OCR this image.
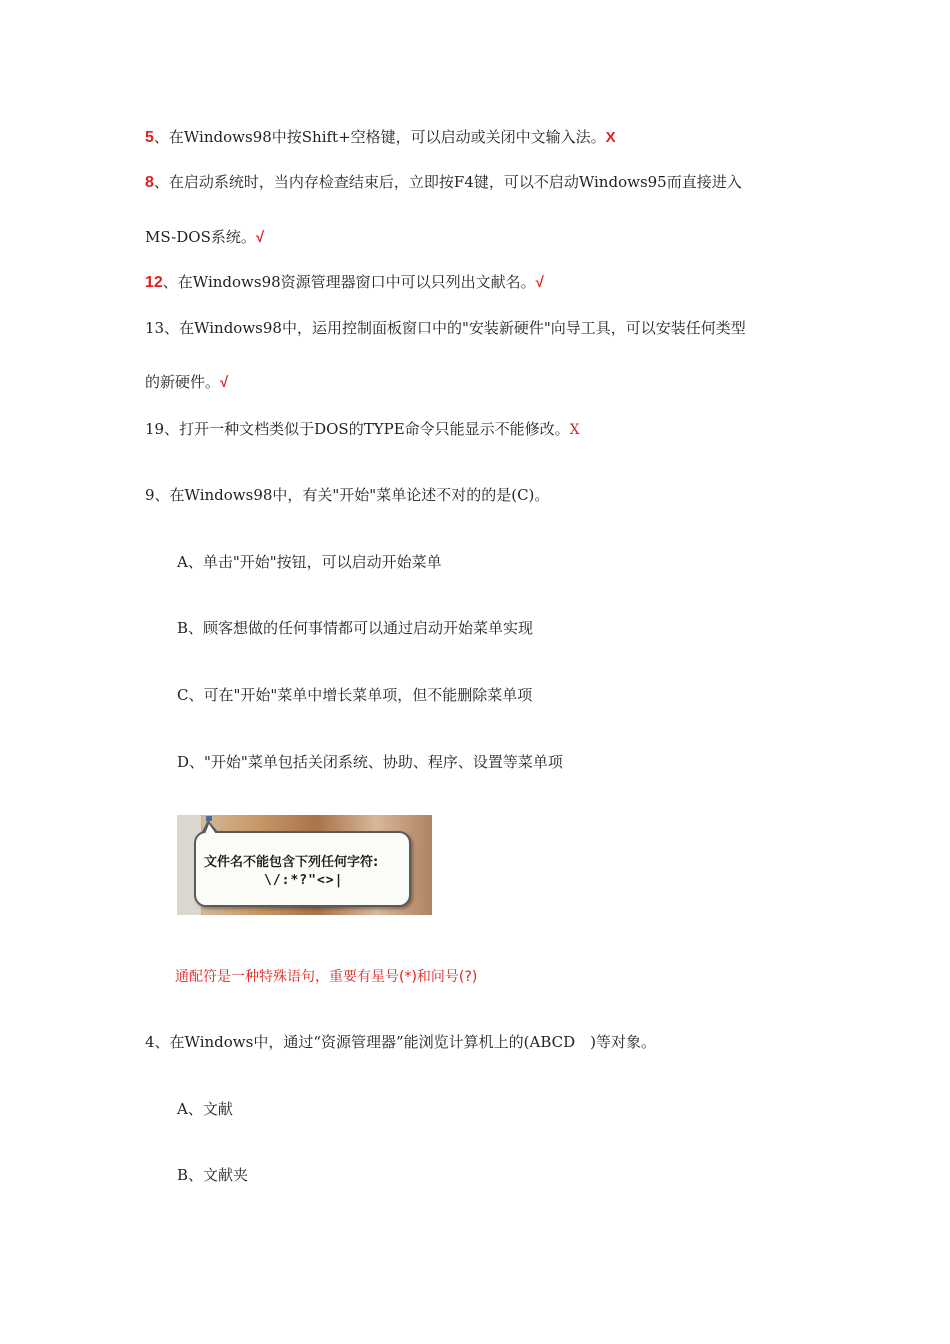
5、在Windows98中按Shift+空格键，可以启动或关闭中文输入法。X
8、在启动系统时，当内存检查结束后，立即按F4键，可以不启动Windows95而直接进入
MS-DOS系统。√
12、在Windows98资源管理器窗口中可以只列出文献名。√
13、在Windows98中，运用控制面板窗口中的"安装新硬件"向导工具，可以安装任何类型
的新硬件。√
19、打开一种文档类似于DOS的TYPE命令只能显示不能修改。X
9、在Windows98中，有关"开始"菜单论述不对的的是(C)。
A、单击"开始"按钮，可以启动开始菜单
B、顾客想做的任何事情都可以通过启动开始菜单实现
C、可在"开始"菜单中增长菜单项，但不能删除菜单项
D、"开始"菜单包括关闭系统、协助、程序、设置等菜单项
文件名不能包含下列任何字符:
\/:*?"<>|
通配符是一种特殊语句，重要有星号(*)和问号(?)
4、在Windows中，通过“资源管理器”能浏览计算机上的(ABCD　)等对象。
A、文献
B、文献夹
